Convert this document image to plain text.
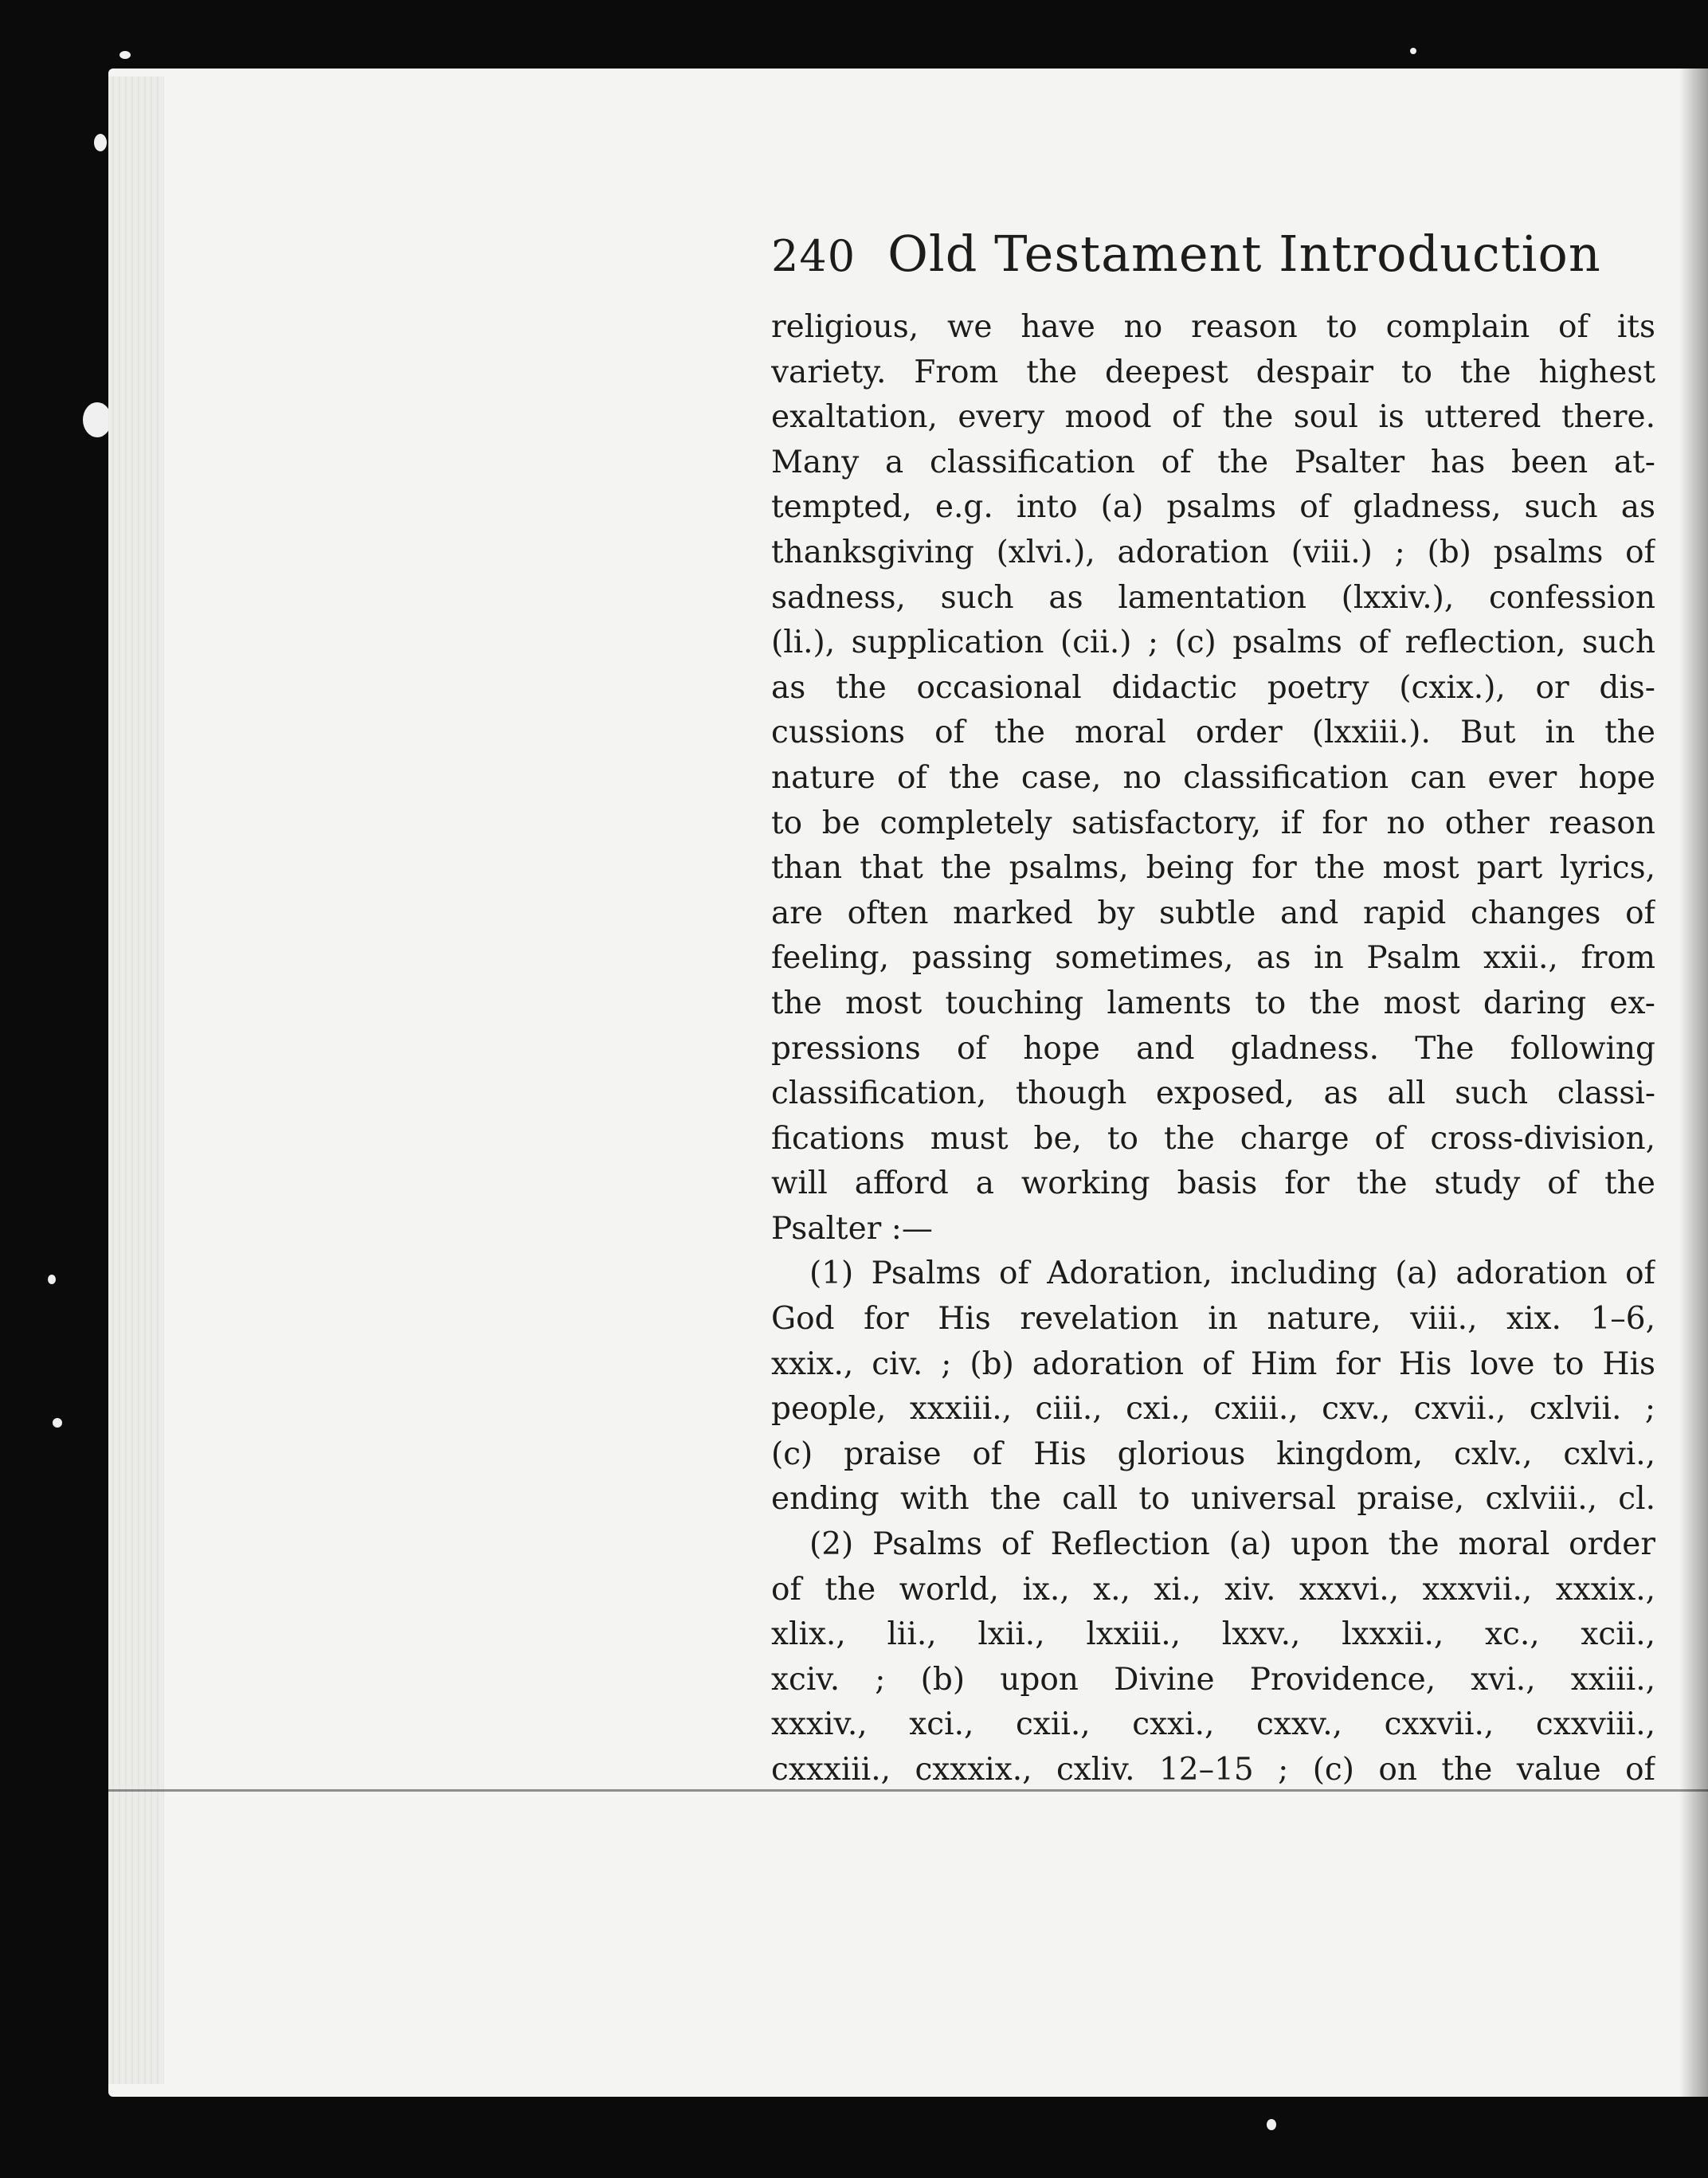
240 Old Testament Introduction

religious, we have no reason to complain of its
variety. From the deepest despair to the highest
exaltation, every mood of the soul is uttered there.
Many a classification of the Psalter has been at-
tempted, e.g. into (a) psalms of gladness, such as
thanksgiving (xlvi.), adoration (viii.) ; (b) psalms of
sadness, such as lamentation (lxxiv.), confession
(li.), supplication (cii.) ; (c) psalms of reflection, such
as the occasional didactic poetry (cxix.), or dis-
cussions of the moral order (lxxiii.). But in the
nature of the case, no classification can ever hope
to be completely satisfactory, if for no other reason
than that the psalms, being for the most part lyrics,
are often marked by subtle and rapid changes of
feeling, passing sometimes, as in Psalm xxii., from
the most touching laments to the most daring ex-
pressions of hope and gladness. The following
classification, though exposed, as all such classi-
fications must be, to the charge of cross-division,
will afford a working basis for the study of the
Psalter :—

(1) Psalms of Adoration, including (a) adoration of
God for His revelation in nature, viii., xix. 1–6,
xxix., civ. ; (b) adoration of Him for His love to His
people, xxxiii., ciii., cxi., cxiii., cxv., cxvii., cxlvii. ;
(c) praise of His glorious kingdom, cxlv., cxlvi.,
ending with the call to universal praise, cxlviii., cl.

(2) Psalms of Reflection (a) upon the moral order
of the world, ix., x., xi., xiv. xxxvi., xxxvii., xxxix.,
xlix., lii., lxii., lxxiii., lxxv., lxxxii., xc., xcii.,
xciv. ; (b) upon Divine Providence, xvi., xxiii.,
xxxiv., xci., cxii., cxxi., cxxv., cxxvii., cxxviii.,
cxxxiii., cxxxix., cxliv. 12–15 ; (c) on the value of
